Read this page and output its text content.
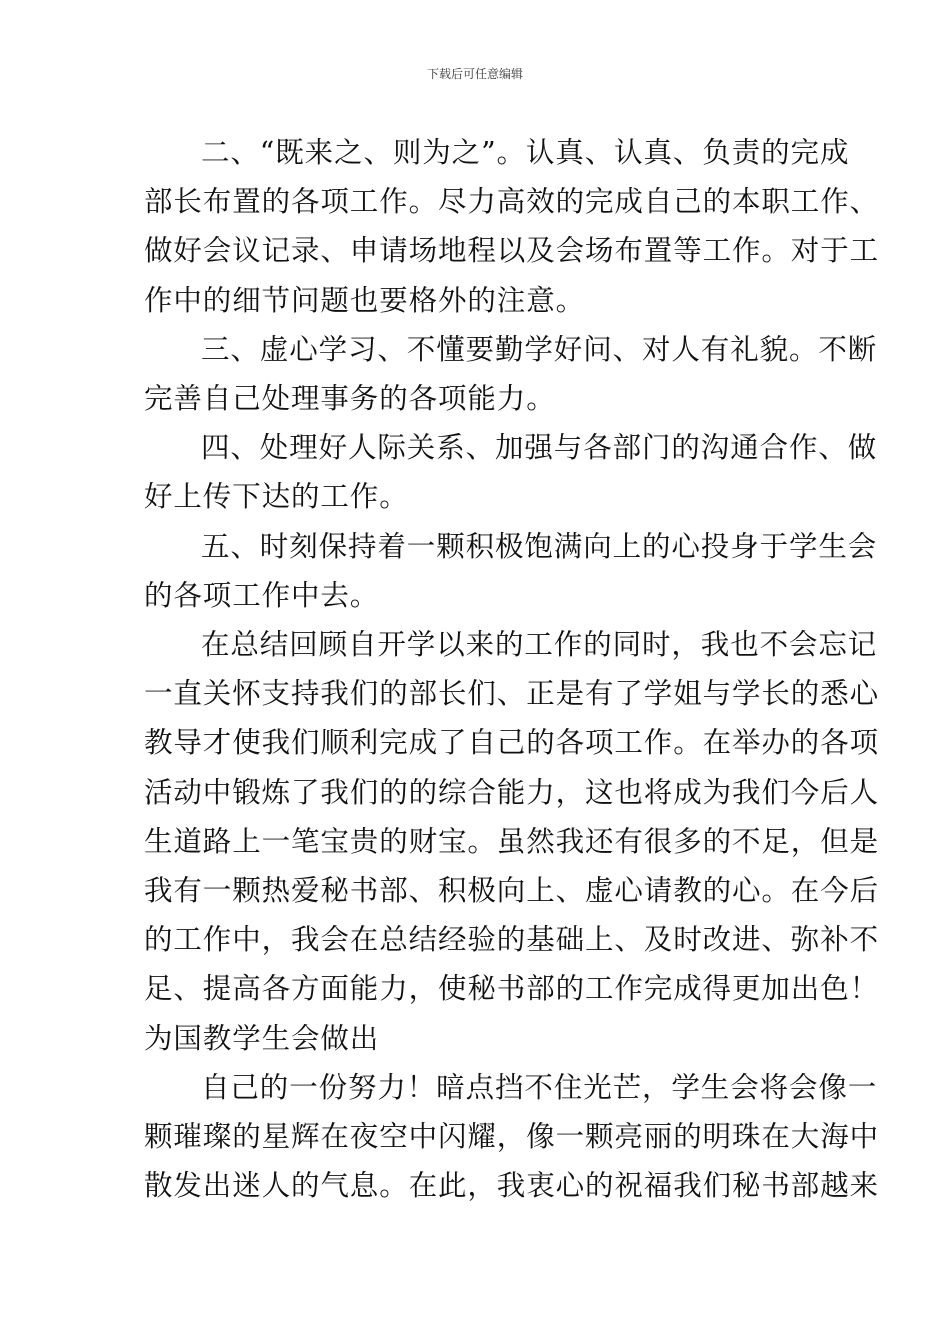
下载后可任意编辑

二、“既来之、则为之”。认真、认真、负责的完成
部长布置的各项工作。尽力高效的完成自己的本职工作、
做好会议记录、申请场地程以及会场布置等工作。对于工
作中的细节问题也要格外的注意。

三、虚心学习、不懂要勤学好问、对人有礼貌。不断
完善自己处理事务的各项能力。

四、处理好人际关系、加强与各部门的沟通合作、做
好上传下达的工作。

五、时刻保持着一颗积极饱满向上的心投身于学生会
的各项工作中去。

在总结回顾自开学以来的工作的同时，我也不会忘记
一直关怀支持我们的部长们、正是有了学姐与学长的悉心
教导才使我们顺利完成了自己的各项工作。在举办的各项
活动中锻炼了我们的的综合能力，这也将成为我们今后人
生道路上一笔宝贵的财宝。虽然我还有很多的不足，但是
我有一颗热爱秘书部、积极向上、虚心请教的心。在今后
的工作中，我会在总结经验的基础上、及时改进、弥补不
足、提高各方面能力，使秘书部的工作完成得更加出色！
为国教学生会做出

自己的一份努力！暗点挡不住光芒，学生会将会像一
颗璀璨的星辉在夜空中闪耀，像一颗亮丽的明珠在大海中
散发出迷人的气息。在此，我衷心的祝福我们秘书部越来
